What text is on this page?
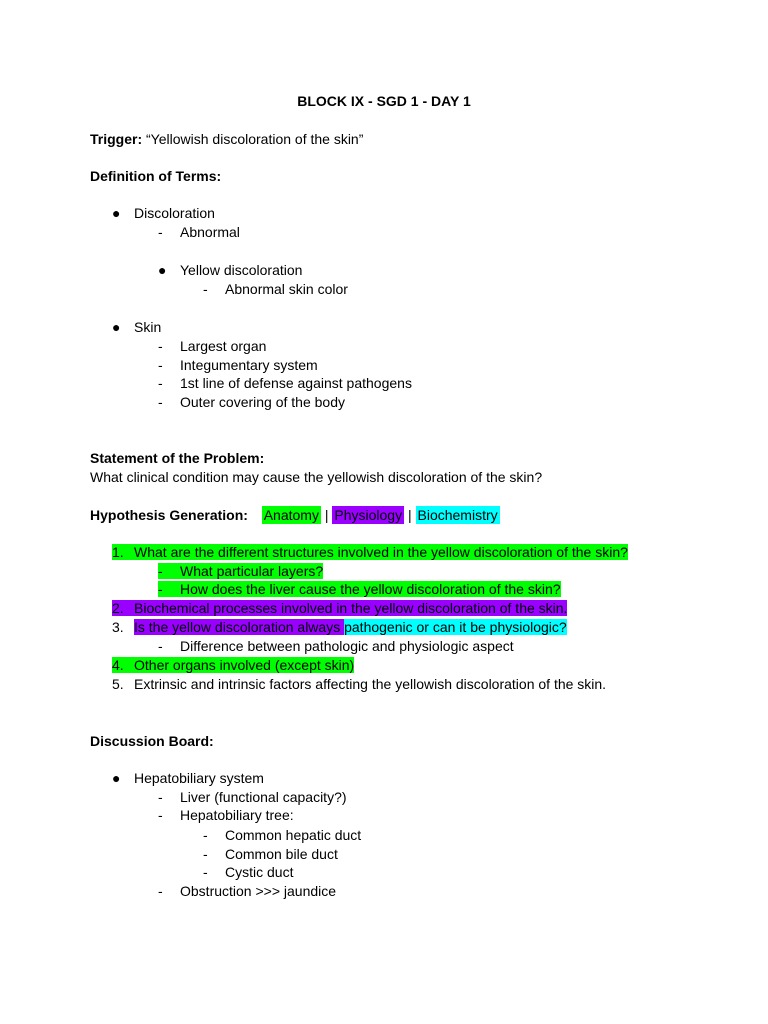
BLOCK IX - SGD 1 - DAY 1
Trigger: “Yellowish discoloration of the skin”
Definition of Terms:
● Discoloration
- Abnormal
● Yellow discoloration
- Abnormal skin color
● Skin
- Largest organ
- Integumentary system
- 1st line of defense against pathogens
- Outer covering of the body
Statement of the Problem:
What clinical condition may cause the yellowish discoloration of the skin?
Hypothesis Generation: Anatomy | Physiology | Biochemistry
1. What are the different structures involved in the yellow discoloration of the skin?
- What particular layers?
- How does the liver cause the yellow discoloration of the skin?
2. Biochemical processes involved in the yellow discoloration of the skin.
3. Is the yellow discoloration always pathogenic or can it be physiologic?
- Difference between pathologic and physiologic aspect
4. Other organs involved (except skin)
5. Extrinsic and intrinsic factors affecting the yellowish discoloration of the skin.
Discussion Board:
● Hepatobiliary system
- Liver (functional capacity?)
- Hepatobiliary tree:
- Common hepatic duct
- Common bile duct
- Cystic duct
- Obstruction >>> jaundice
